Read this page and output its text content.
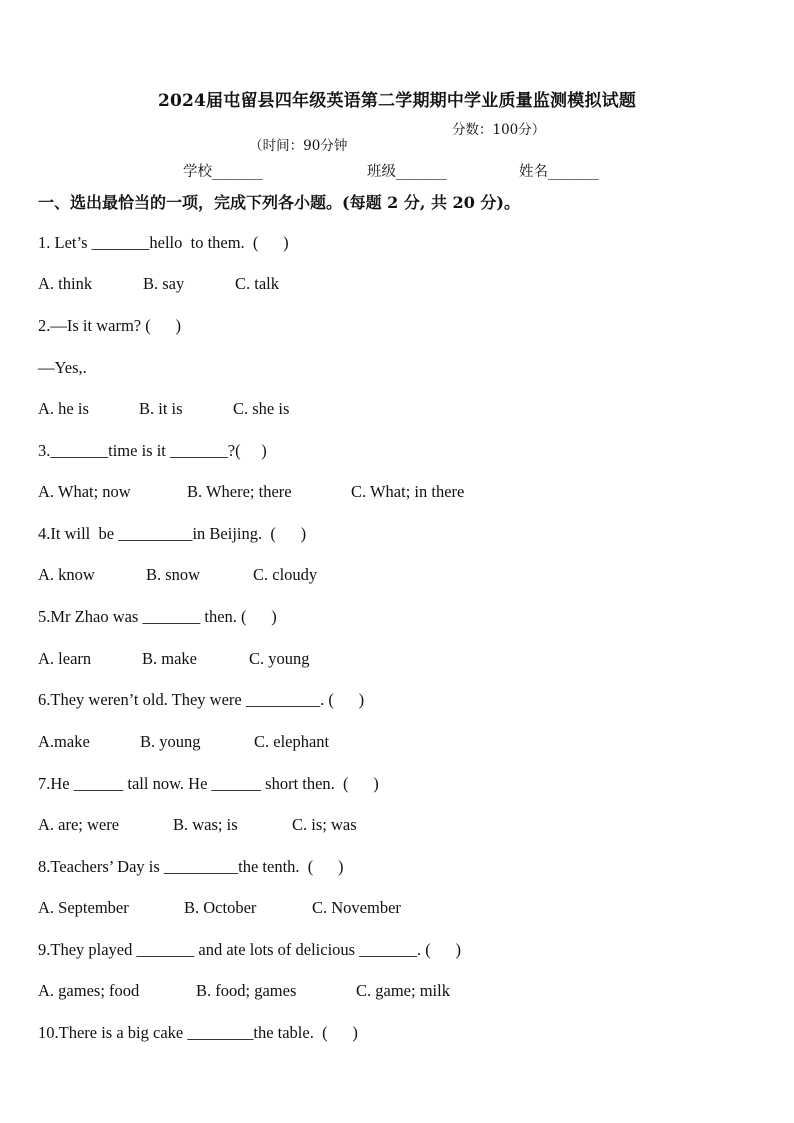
2024届屯留县四年级英语第二学期期中学业质量监测模拟试题

（时间：90分钟

分数：100分）

学校_______	班级_______	姓名_______
一、选出最恰当的一项，完成下列各小题。(每题 2 分, 共 20 分)。
1. Let’s _______hello  to them.  (      )
A. think	B. say	C. talk
2.—Is it warm? (      )
—Yes,.
A. he is	B. it is	C. she is
3._______time is it _______?(     )
A. What; now	B. Where; there	C. What; in there
4.It will  be _________in Beijing.  (      )
A. know	B. snow	C. cloudy
5.Mr Zhao was _______ then. (      )
A. learn	B. make	C. young
6.They weren’t old. They were _________. (      )
A.make	B. young	C. elephant
7.He ______ tall now. He ______ short then.  (      )
A. are; were	B. was; is	C. is; was
8.Teachers’ Day is _________the tenth.  (      )
A. September	B. October	C. November
9.They played _______ and ate lots of delicious _______. (      )
A. games; food	B. food; games	C. game; milk
10.There is a big cake ________the table.  (      )
